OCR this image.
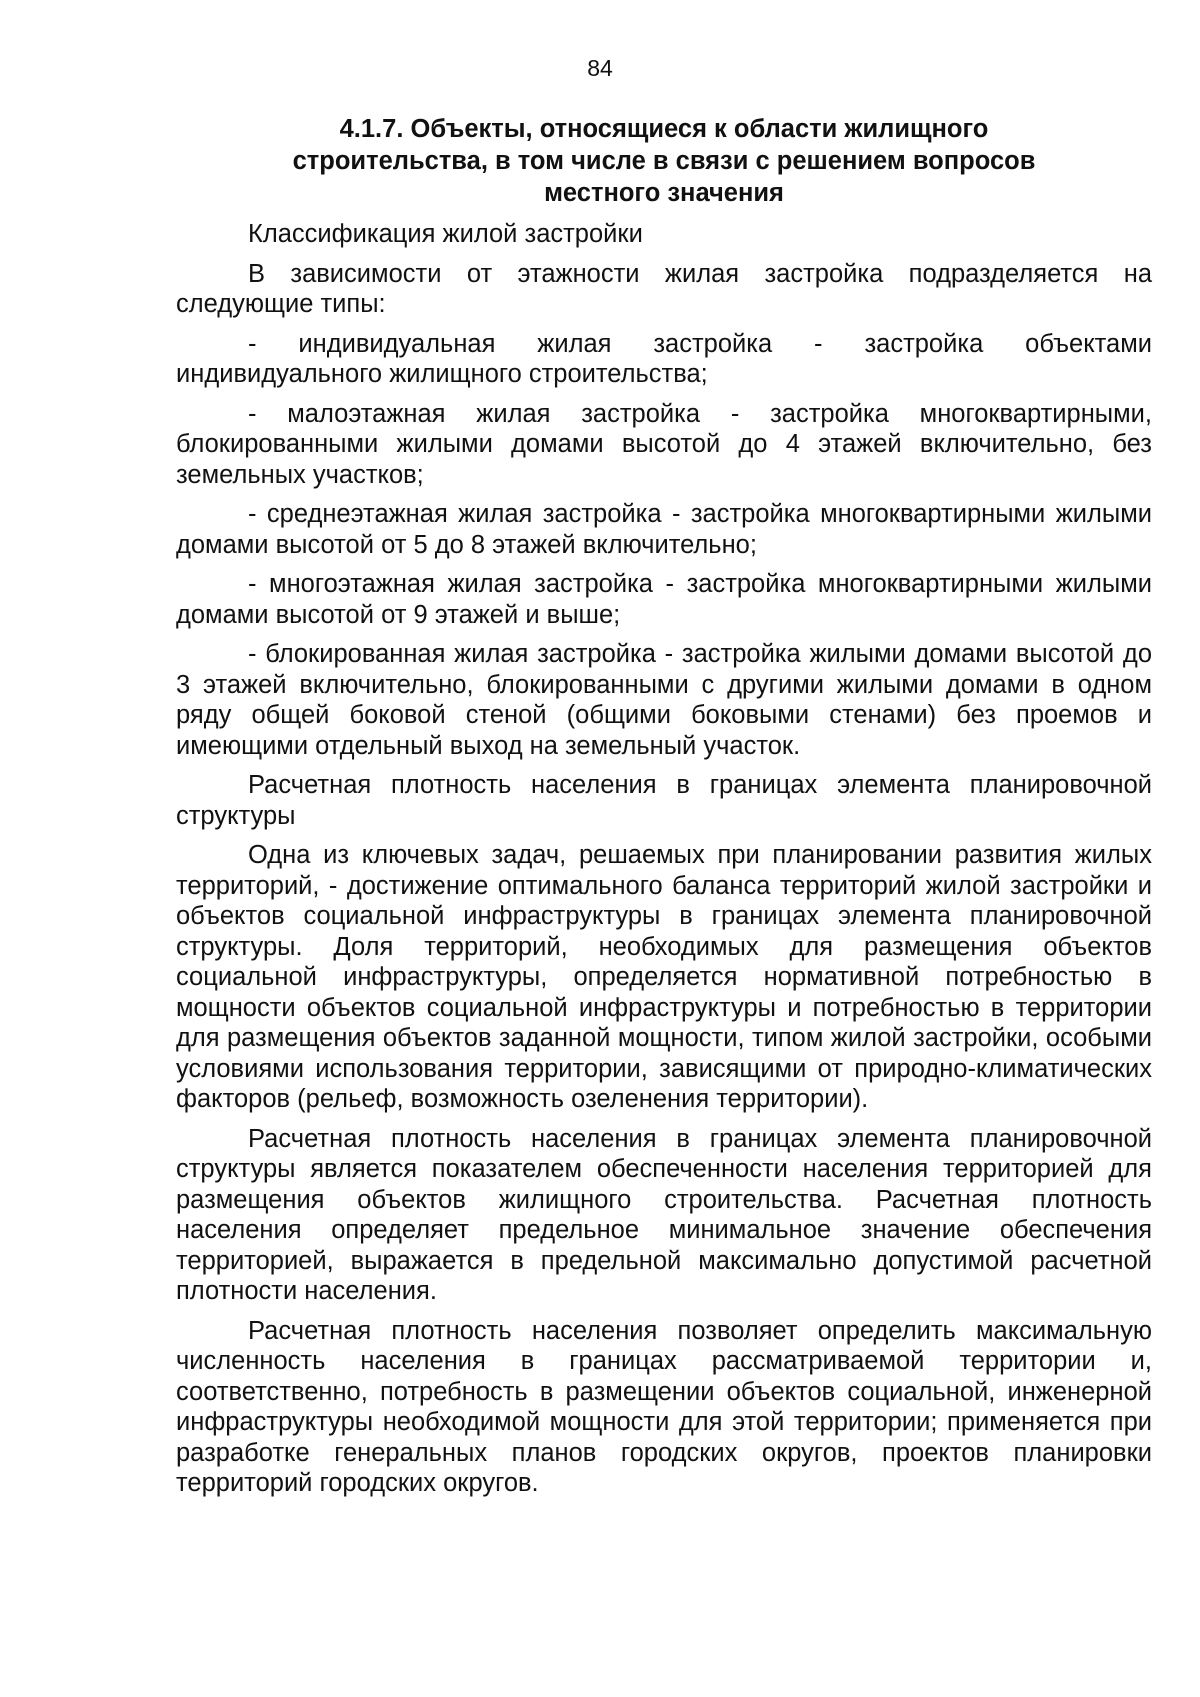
84
4.1.7. Объекты, относящиеся к области жилищного
строительства, в том числе в связи с решением вопросов
местного значения

Классификация жилой застройки

В зависимости от этажности жилая застройка подразделяется на следующие типы:

- индивидуальная жилая застройка - застройка объектами индивидуального жилищного строительства;

- малоэтажная жилая застройка - застройка многоквартирными, блокированными жилыми домами высотой до 4 этажей включительно, без земельных участков;

- среднеэтажная жилая застройка - застройка многоквартирными жилыми домами высотой от 5 до 8 этажей включительно;

- многоэтажная жилая застройка - застройка многоквартирными жилыми домами высотой от 9 этажей и выше;

- блокированная жилая застройка - застройка жилыми домами высотой до 3 этажей включительно, блокированными с другими жилыми домами в одном ряду общей боковой стеной (общими боковыми стенами) без проемов и имеющими отдельный выход на земельный участок.

Расчетная плотность населения в границах элемента планировочной структуры

Одна из ключевых задач, решаемых при планировании развития жилых территорий, - достижение оптимального баланса территорий жилой застройки и объектов социальной инфраструктуры в границах элемента планировочной структуры. Доля территорий, необходимых для размещения объектов социальной инфраструктуры, определяется нормативной потребностью в мощности объектов социальной инфраструктуры и потребностью в территории для размещения объектов заданной мощности, типом жилой застройки, особыми условиями использования территории, зависящими от природно-климатических факторов (рельеф, возможность озеленения территории).

Расчетная плотность населения в границах элемента планировочной структуры является показателем обеспеченности населения территорией для размещения объектов жилищного строительства. Расчетная плотность населения определяет предельное минимальное значение обеспечения территорией, выражается в предельной максимально допустимой расчетной плотности населения.

Расчетная плотность населения позволяет определить максимальную численность населения в границах рассматриваемой территории и, соответственно, потребность в размещении объектов социальной, инженерной инфраструктуры необходимой мощности для этой территории; применяется при разработке генеральных планов городских округов, проектов планировки территорий городских округов.
